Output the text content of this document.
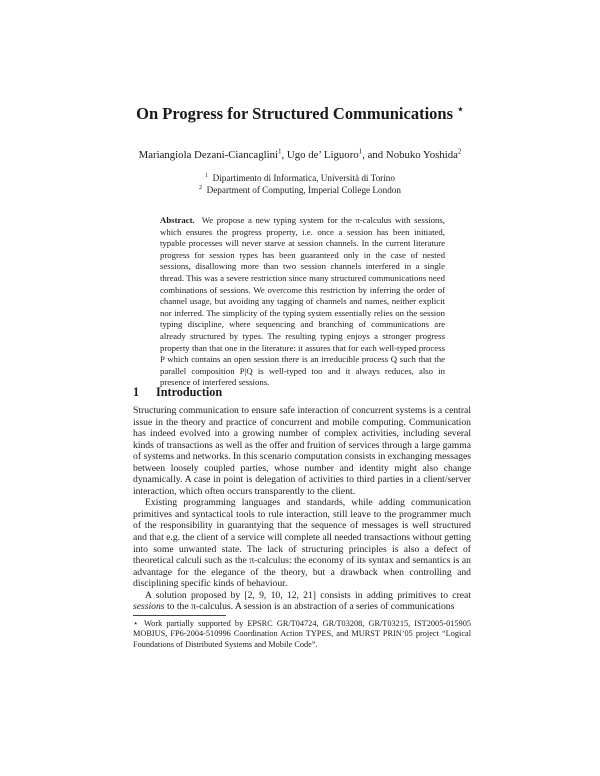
On Progress for Structured Communications ⋆
Mariangiola Dezani-Ciancaglini$^1$, Ugo de’ Liguoro$^1$, and Nobuko Yoshida$^2$
$^1$ Dipartimento di Informatica, Università di Torino
$^2$ Department of Computing, Imperial College London

Abstract. We propose a new typing system for the π-calculus with sessions, which ensures the progress property, i.e. once a session has been initiated, typable processes will never starve at session channels. In the current literature progress for session types has been guaranteed only in the case of nested sessions, disallowing more than two session channels interfered in a single thread. This was a severe restriction since many structured communications need combinations of sessions. We overcome this restriction by inferring the order of channel usage, but avoiding any tagging of channels and names, neither explicit nor inferred. The simplicity of the typing system essentially relies on the session typing discipline, where sequencing and branching of communications are already structured by types. The resulting typing enjoys a stronger progress property than that one in the literature: it assures that for each well-typed process P which contains an open session there is an irreducible process Q such that the parallel composition P|Q is well-typed too and it always reduces, also in presence of interfered sessions.

1 Introduction

Structuring communication to ensure safe interaction of concurrent systems is a central issue in the theory and practice of concurrent and mobile computing. Communication has indeed evolved into a growing number of complex activities, including several kinds of transactions as well as the offer and fruition of services through a large gamma of systems and networks. In this scenario computation consists in exchanging messages between loosely coupled parties, whose number and identity might also change dynamically. A case in point is delegation of activities to third parties in a client/server interaction, which often occurs transparently to the client.

Existing programming languages and standards, while adding communication primitives and syntactical tools to rule interaction, still leave to the programmer much of the responsibility in guarantying that the sequence of messages is well structured and that e.g. the client of a service will complete all needed transactions without getting into some unwanted state. The lack of structuring principles is also a defect of theoretical calculi such as the π-calculus: the economy of its syntax and semantics is an advantage for the elegance of the theory, but a drawback when controlling and disciplining specific kinds of behaviour.

A solution proposed by [2, 9, 10, 12, 21] consists in adding primitives to creat sessions to the π-calculus. A session is an abstraction of a series of communications

⋆ Work partially supported by EPSRC GR/T04724, GR/T03208, GR/T03215, IST2005-015905 MOBIUS, FP6-2004-510996 Coordination Action TYPES, and MURST PRIN’05 project “Logical Foundations of Distributed Systems and Mobile Code”.
